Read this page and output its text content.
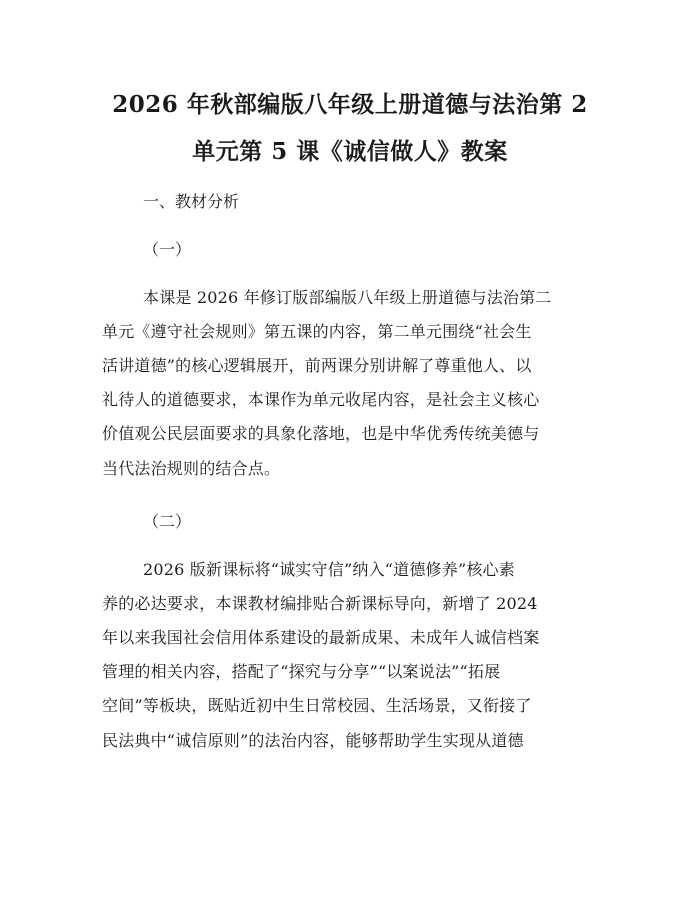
2026 年秋部编版八年级上册道德与法治第 2
单元第 5 课《诚信做人》教案
一、教材分析
（一）
本课是 2026 年修订版部编版八年级上册道德与法治第二
单元《遵守社会规则》第五课的内容，第二单元围绕“社会生
活讲道德”的核心逻辑展开，前两课分别讲解了尊重他人、以
礼待人的道德要求，本课作为单元收尾内容，是社会主义核心
价值观公民层面要求的具象化落地，也是中华优秀传统美德与
当代法治规则的结合点。
（二）
2026 版新课标将“诚实守信”纳入“道德修养”核心素
养的必达要求，本课教材编排贴合新课标导向，新增了 2024
年以来我国社会信用体系建设的最新成果、未成年人诚信档案
管理的相关内容，搭配了“探究与分享”“以案说法”“拓展
空间”等板块，既贴近初中生日常校园、生活场景，又衔接了
民法典中“诚信原则”的法治内容，能够帮助学生实现从道德
